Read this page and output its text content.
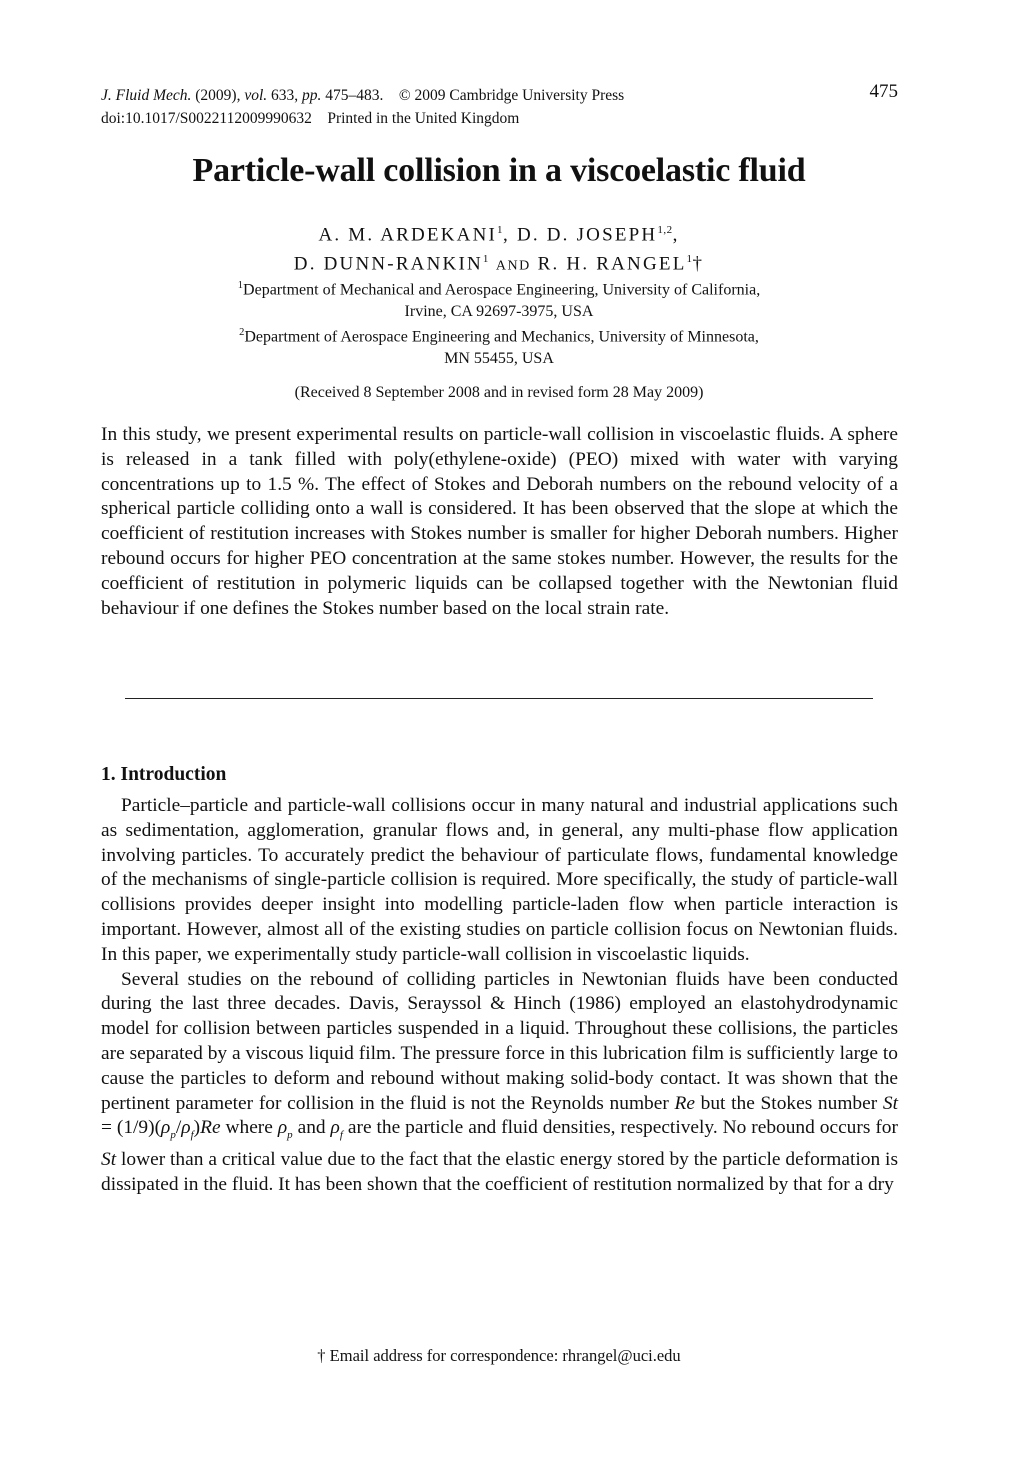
J. Fluid Mech. (2009), vol. 633, pp. 475–483. © 2009 Cambridge University Press
doi:10.1017/S0022112009990632 Printed in the United Kingdom
475
Particle-wall collision in a viscoelastic fluid
A. M. ARDEKANI$^1$, D. D. JOSEPH$^{1,2}$,
D. DUNN-RANKIN$^1$ AND R. H. RANGEL$^1$†
$^1$Department of Mechanical and Aerospace Engineering, University of California,
Irvine, CA 92697-3975, USA
$^2$Department of Aerospace Engineering and Mechanics, University of Minnesota,
MN 55455, USA
(Received 8 September 2008 and in revised form 28 May 2009)
In this study, we present experimental results on particle-wall collision in viscoelastic fluids. A sphere is released in a tank filled with poly(ethylene-oxide) (PEO) mixed with water with varying concentrations up to 1.5 %. The effect of Stokes and Deborah numbers on the rebound velocity of a spherical particle colliding onto a wall is considered. It has been observed that the slope at which the coefficient of restitution increases with Stokes number is smaller for higher Deborah numbers. Higher rebound occurs for higher PEO concentration at the same stokes number. However, the results for the coefficient of restitution in polymeric liquids can be collapsed together with the Newtonian fluid behaviour if one defines the Stokes number based on the local strain rate.
1. Introduction

Particle–particle and particle-wall collisions occur in many natural and industrial applications such as sedimentation, agglomeration, granular flows and, in general, any multi-phase flow application involving particles. To accurately predict the behaviour of particulate flows, fundamental knowledge of the mechanisms of single-particle collision is required. More specifically, the study of particle-wall collisions provides deeper insight into modelling particle-laden flow when particle interaction is important. However, almost all of the existing studies on particle collision focus on Newtonian fluids. In this paper, we experimentally study particle-wall collision in viscoelastic liquids.

Several studies on the rebound of colliding particles in Newtonian fluids have been conducted during the last three decades. Davis, Serayssol & Hinch (1986) employed an elastohydrodynamic model for collision between particles suspended in a liquid. Throughout these collisions, the particles are separated by a viscous liquid film. The pressure force in this lubrication film is sufficiently large to cause the particles to deform and rebound without making solid-body contact. It was shown that the pertinent parameter for collision in the fluid is not the Reynolds number Re but the Stokes number $St = (1/9)(\rho_p/\rho_f)Re$ where $\rho_p$ and $\rho_f$ are the particle and fluid densities, respectively. No rebound occurs for St lower than a critical value due to the fact that the elastic energy stored by the particle deformation is dissipated in the fluid. It has been shown that the coefficient of restitution normalized by that for a dry

† Email address for correspondence: rhrangel@uci.edu
